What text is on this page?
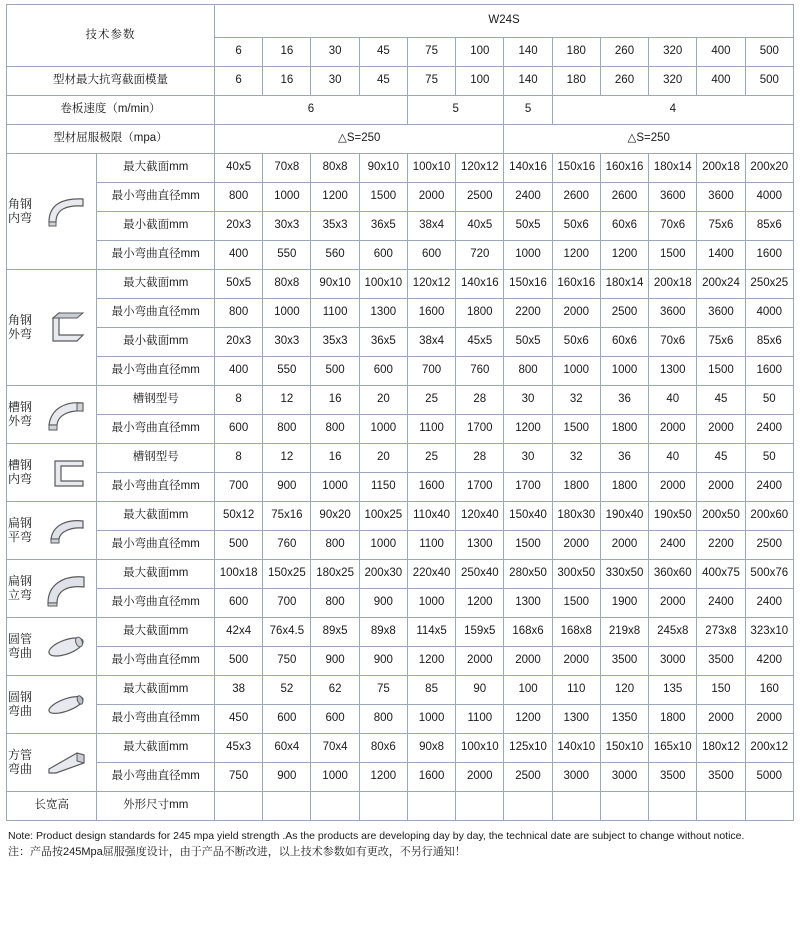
技术参数		W24S											
		6	16	30	45	75	100	140	180	260	320	400	500
型材最大抗弯截面模量		6	16	30	45	75	100	140	180	260	320	400	500
卷板速度（m/min）		6				5		5	4				
型材屈服极限（mpa）		△S=250						△S=250					

角钢
内弯	最大截面mm	40x5	70x8	80x8	90x10	100x10	120x12	140x16	150x16	160x16	180x14	200x18	200x20
	最小弯曲直径mm	800	1000	1200	1500	2000	2500	2400	2600	2600	3600	3600	4000
	最小截面mm	20x3	30x3	35x3	36x5	38x4	40x5	50x5	50x6	60x6	70x6	75x6	85x6
	最小弯曲直径mm	400	550	560	600	600	720	1000	1200	1200	1500	1400	1600

角钢
外弯	最大截面mm	50x5	80x8	90x10	100x10	120x12	140x16	150x16	160x16	180x14	200x18	200x24	250x25
	最小弯曲直径mm	800	1000	1100	1300	1600	1800	2200	2000	2500	3600	3600	4000
	最小截面mm	20x3	30x3	35x3	36x5	38x4	45x5	50x5	50x6	60x6	70x6	75x6	85x6
	最小弯曲直径mm	400	550	500	600	700	760	800	1000	1000	1300	1500	1600

槽钢
外弯	槽钢型号	8	12	16	20	25	28	30	32	36	40	45	50
	最小弯曲直径mm	600	800	800	1000	1100	1700	1200	1500	1800	2000	2000	2400

槽钢
内弯	槽钢型号	8	12	16	20	25	28	30	32	36	40	45	50
	最小弯曲直径mm	700	900	1000	1150	1600	1700	1700	1800	1800	2000	2000	2400

扁钢
平弯	最大截面mm	50x12	75x16	90x20	100x25	110x40	120x40	150x40	180x30	190x40	190x50	200x50	200x60
	最小弯曲直径mm	500	760	800	1000	1100	1300	1500	2000	2000	2400	2200	2500

扁钢
立弯	最大截面mm	100x18	150x25	180x25	200x30	220x40	250x40	280x50	300x50	330x50	360x60	400x75	500x76
	最小弯曲直径mm	600	700	800	900	1000	1200	1300	1500	1900	2000	2400	2400

圆管
弯曲	最大截面mm	42x4	76x4.5	89x5	89x8	114x5	159x5	168x6	168x8	219x8	245x8	273x8	323x10
	最小弯曲直径mm	500	750	900	900	1200	2000	2000	2000	3500	3000	3500	4200

圆钢
弯曲	最大截面mm	38	52	62	75	85	90	100	110	120	135	150	160
	最小弯曲直径mm	450	600	600	800	1000	1100	1200	1300	1350	1800	2000	2000

方管
弯曲	最大截面mm	45x3	60x4	70x4	80x6	90x8	100x10	125x10	140x10	150x10	165x10	180x12	200x12
	最小弯曲直径mm	750	900	1000	1200	1600	2000	2500	3000	3000	3500	3500	5000
长宽高	外形尺寸mm												
Note: Product design standards for 245 mpa yield strength .As the products are developing day by day, the technical date are subject to change without notice.
注：产品按245Mpa屈服强度设计，由于产品不断改进，以上技术参数如有更改，不另行通知！
